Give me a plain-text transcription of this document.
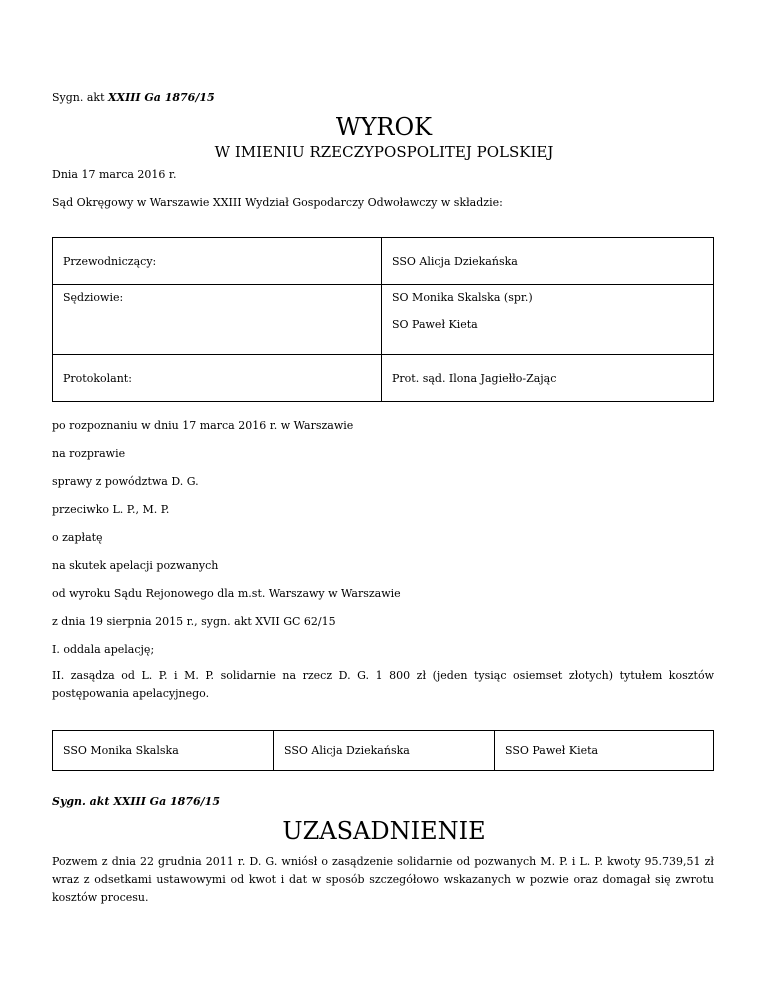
Sygn. akt XXIII Ga 1876/15
WYROK
W IMIENIU RZECZYPOSPOLITEJ POLSKIEJ
Dnia 17 marca 2016 r.
Sąd Okręgowy w Warszawie XXIII Wydział Gospodarczy Odwoławczy w składzie:
Przewodniczący:	SSO Alicja Dziekańska

Sędziowie:	SO Monika Skalska (spr.)
SO Paweł Kieta

Protokolant:	Prot. sąd. Ilona Jagiełło-Zając
po rozpoznaniu w dniu 17 marca 2016 r. w Warszawie
na rozprawie
sprawy z powództwa D. G.
przeciwko L. P., M. P.
o zapłatę
na skutek apelacji pozwanych
od wyroku Sądu Rejonowego dla m.st. Warszawy w Warszawie
z dnia 19 sierpnia 2015 r., sygn. akt XVII GC 62/15
I. oddala apelację;
II. zasądza od L. P. i M. P. solidarnie na rzecz D. G. 1 800 zł (jeden tysiąc osiemset złotych) tytułem kosztów postępowania apelacyjnego.
SSO Monika Skalska	SSO Alicja Dziekańska	SSO Paweł Kieta
Sygn. akt XXIII Ga 1876/15
UZASADNIENIE
Pozwem z dnia 22 grudnia 2011 r. D. G. wniósł o zasądzenie solidarnie od pozwanych M. P. i L. P. kwoty 95.739,51 zł wraz z odsetkami ustawowymi od kwot i dat w sposób szczegółowo wskazanych w pozwie oraz domagał się zwrotu kosztów procesu.
